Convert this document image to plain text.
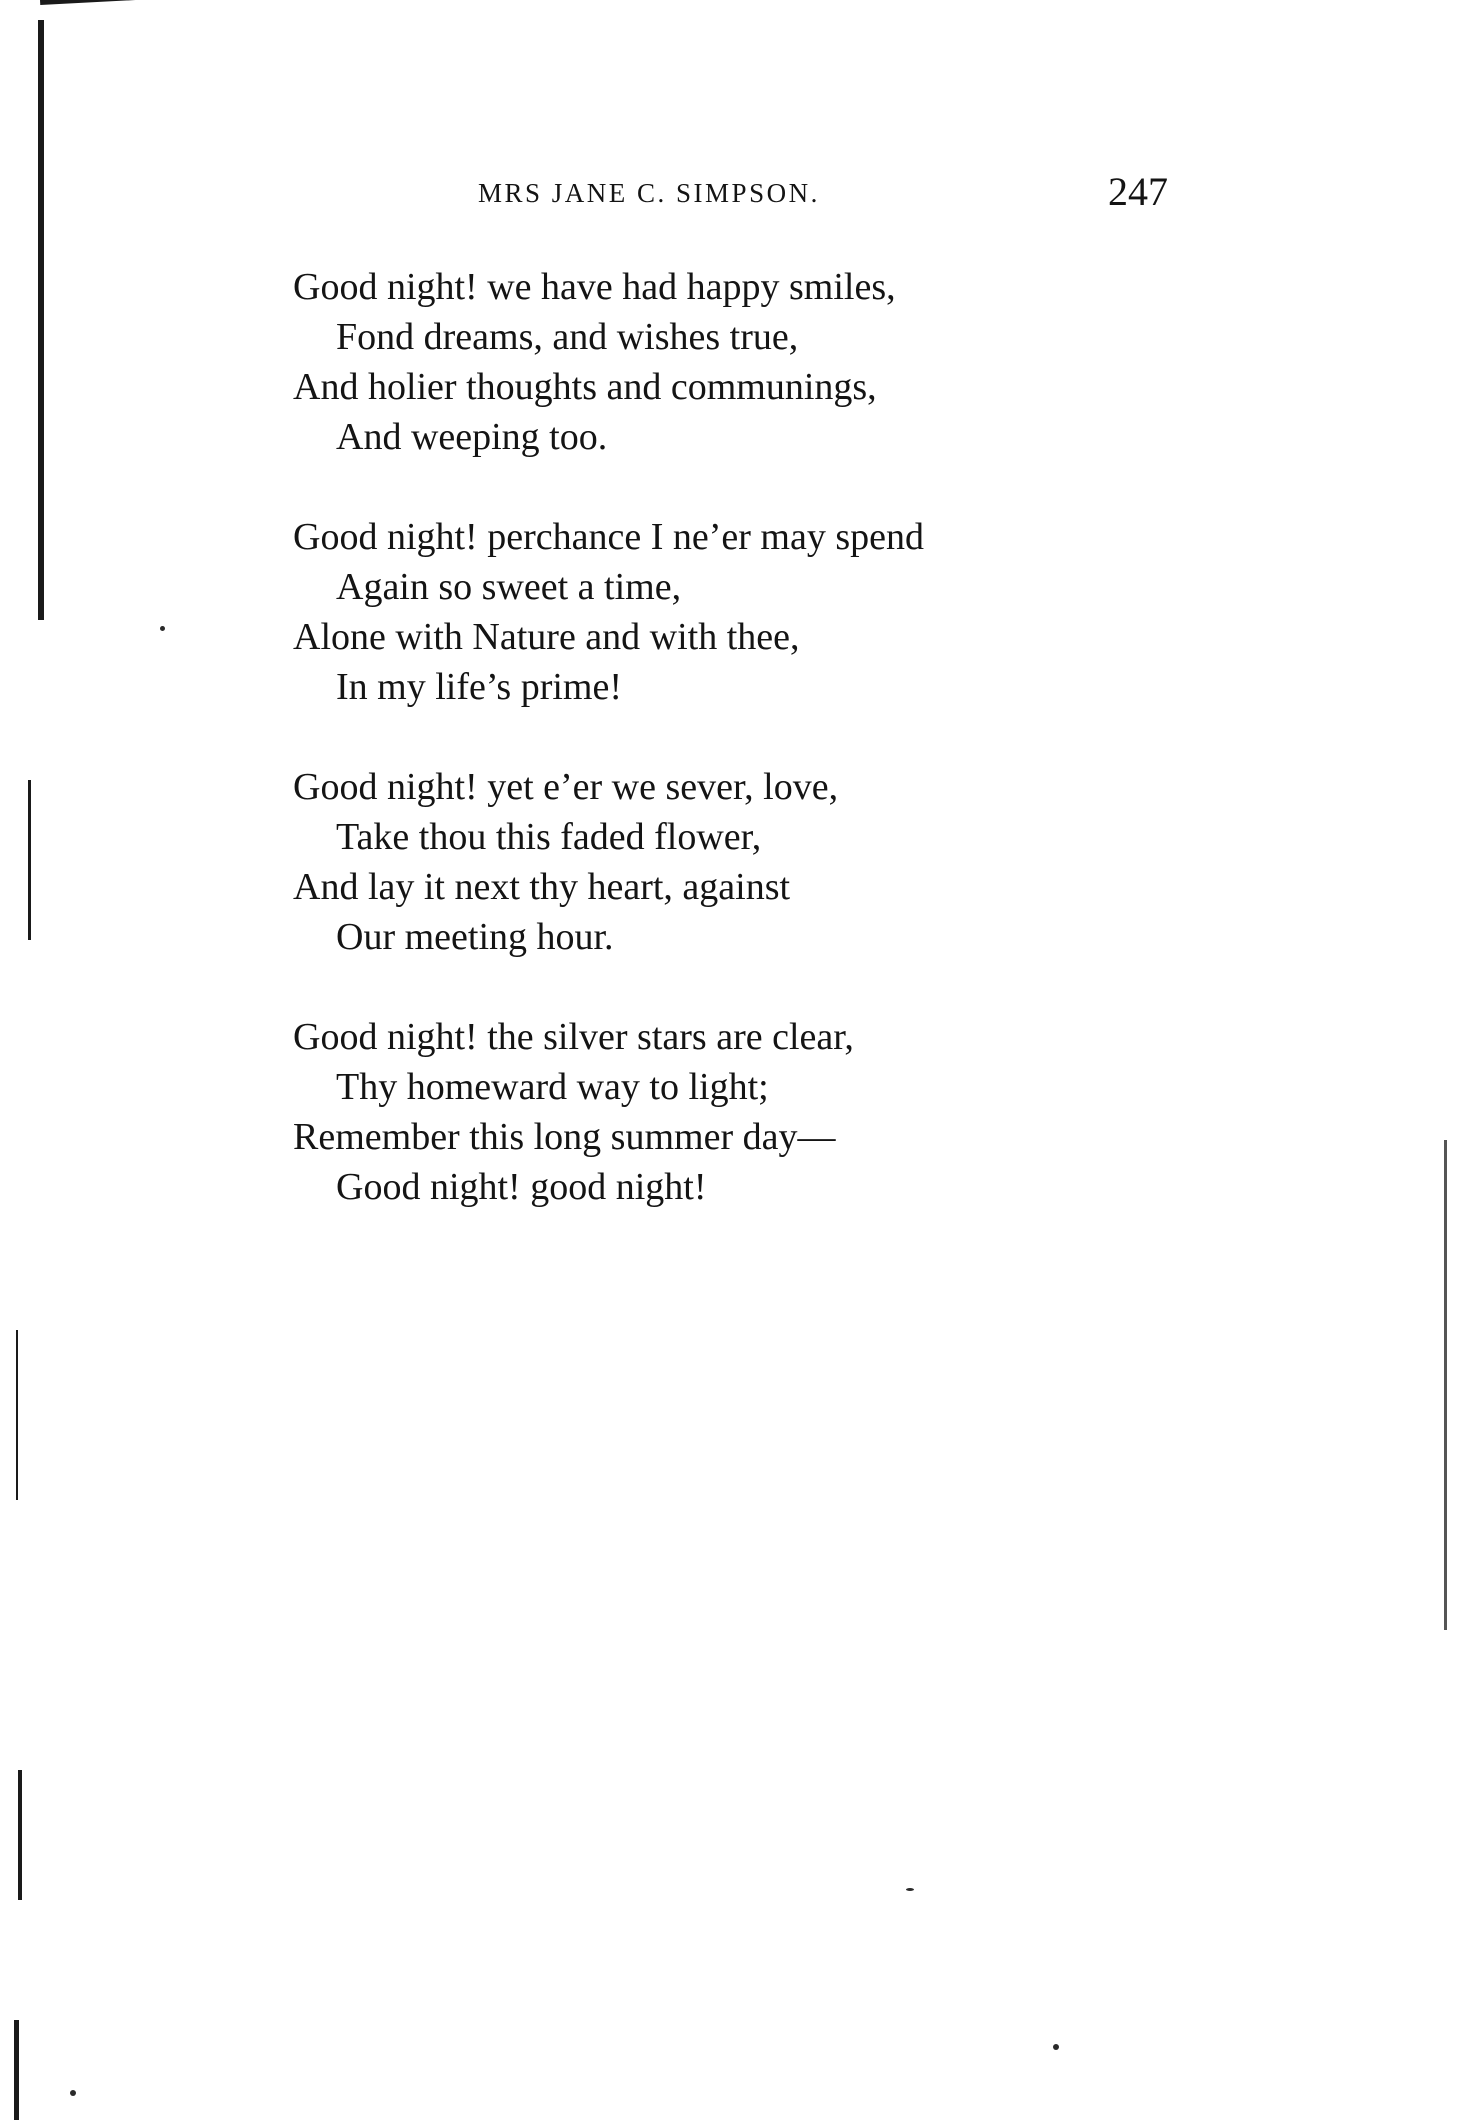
MRS JANE C. SIMPSON.	247
Good night! we have had happy smiles,
Fond dreams, and wishes true,
And holier thoughts and communings,
And weeping too.
Good night! perchance I ne’er may spend
Again so sweet a time,
Alone with Nature and with thee,
In my life’s prime!
Good night! yet e’er we sever, love,
Take thou this faded flower,
And lay it next thy heart, against
Our meeting hour.
Good night! the silver stars are clear,
Thy homeward way to light;
Remember this long summer day—
Good night! good night!
